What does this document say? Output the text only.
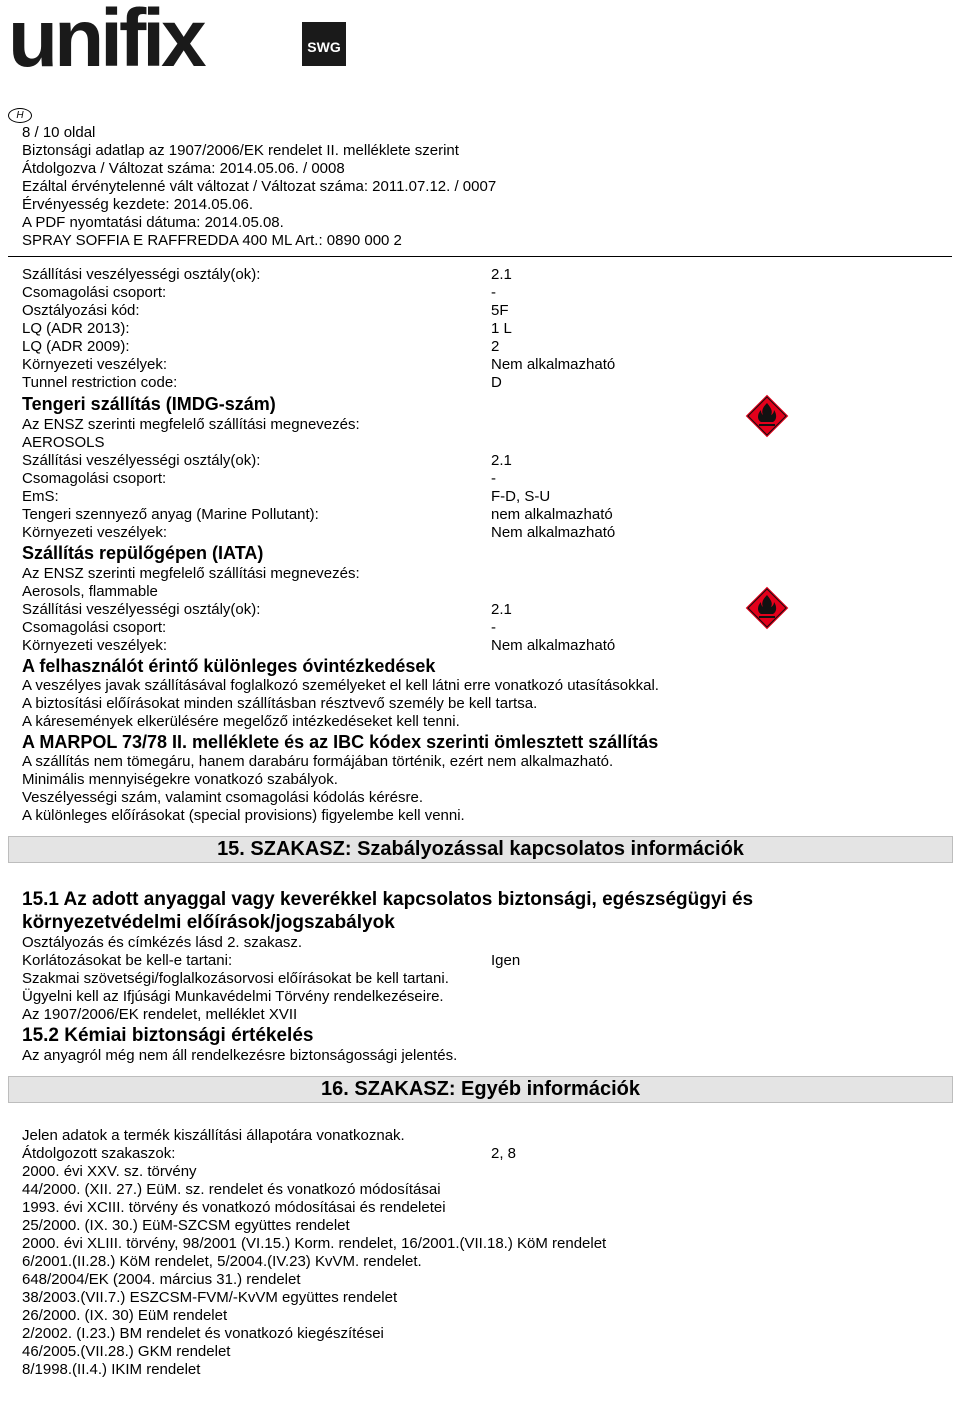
unifix	SWG
H
8 / 10 oldal
Biztonsági adatlap az 1907/2006/EK rendelet II. melléklete szerint
Átdolgozva / Változat száma: 2014.05.06. / 0008
Ezáltal érvénytelenné vált változat / Változat száma: 2011.07.12. / 0007
Érvényesség kezdete: 2014.05.06.
A PDF nyomtatási dátuma: 2014.05.08.
SPRAY SOFFIA E RAFFREDDA 400 ML Art.: 0890 000 2
Szállítási veszélyességi osztály(ok):	2.1
Csomagolási csoport:	-
Osztályozási kód:	5F
LQ (ADR 2013):	1 L
LQ (ADR 2009):	2
Környezeti veszélyek:	Nem alkalmazható
Tunnel restriction code:	D
Tengeri szállítás (IMDG-szám)
Az ENSZ szerinti megfelelő szállítási megnevezés:
AEROSOLS
Szállítási veszélyességi osztály(ok):	2.1
Csomagolási csoport:	-
EmS:	F-D, S-U
Tengeri szennyező anyag (Marine Pollutant):	nem alkalmazható
Környezeti veszélyek:	Nem alkalmazható
Szállítás repülőgépen (IATA)
Az ENSZ szerinti megfelelő szállítási megnevezés:
Aerosols, flammable
Szállítási veszélyességi osztály(ok):	2.1
Csomagolási csoport:	-
Környezeti veszélyek:	Nem alkalmazható
A felhasználót érintő különleges óvintézkedések
A veszélyes javak szállításával foglalkozó személyeket el kell látni erre vonatkozó utasításokkal.
A biztosítási előírásokat minden szállításban résztvevő személy be kell tartsa.
A káresemények elkerülésére megelőző intézkedéseket kell tenni.
A MARPOL 73/78 II. melléklete és az IBC kódex szerinti ömlesztett szállítás
A szállítás nem tömegáru, hanem darabáru formájában történik, ezért nem alkalmazható.
Minimális mennyiségekre vonatkozó szabályok.
Veszélyességi szám, valamint csomagolási kódolás kérésre.
A különleges előírásokat (special provisions) figyelembe kell venni.
15. SZAKASZ: Szabályozással kapcsolatos információk
15.1 Az adott anyaggal vagy keverékkel kapcsolatos biztonsági, egészségügyi és
környezetvédelmi előírások/jogszabályok
Osztályozás és címkézés lásd 2. szakasz.
Korlátozásokat be kell-e tartani:	Igen
Szakmai szövetségi/foglalkozásorvosi előírásokat be kell tartani.
Ügyelni kell az Ifjúsági Munkavédelmi Törvény rendelkezéseire.
Az 1907/2006/EK rendelet, melléklet XVII
15.2 Kémiai biztonsági értékelés
Az anyagról még nem áll rendelkezésre biztonságossági jelentés.
16. SZAKASZ: Egyéb információk
Jelen adatok a termék kiszállítási állapotára vonatkoznak.
Átdolgozott szakaszok:	2, 8
2000. évi XXV. sz. törvény
44/2000. (XII. 27.) EüM. sz. rendelet és vonatkozó módosításai
1993. évi XCIII. törvény és vonatkozó módosításai és rendeletei
25/2000. (IX. 30.) EüM-SZCSM együttes rendelet
2000. évi XLIII. törvény, 98/2001 (VI.15.) Korm. rendelet, 16/2001.(VII.18.) KöM rendelet
6/2001.(II.28.) KöM rendelet, 5/2004.(IV.23) KvVM. rendelet.
648/2004/EK (2004. március 31.) rendelet
38/2003.(VII.7.) ESZCSM-FVM/-KvVM együttes rendelet
26/2000. (IX. 30) EüM rendelet
2/2002. (I.23.) BM rendelet és vonatkozó kiegészítései
46/2005.(VII.28.) GKM rendelet
8/1998.(II.4.) IKIM rendelet
